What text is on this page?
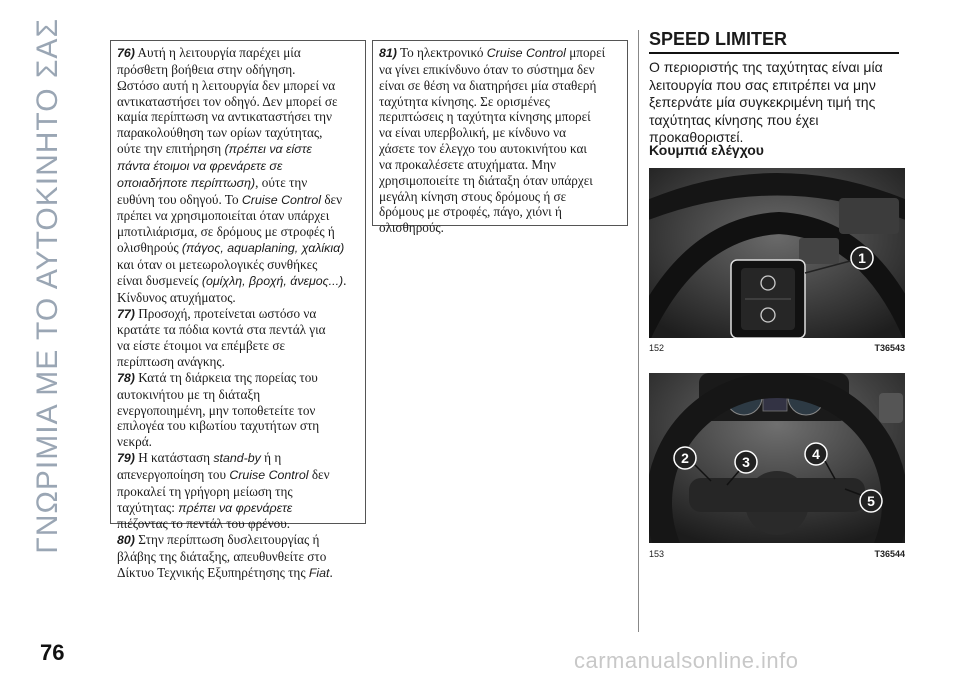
ΓΝΩΡΙΜΙΑ ΜΕ ΤΟ ΑΥΤΟΚΙΝΗΤΟ ΣΑΣ	76) Αυτή η λειτουργία παρέχει μία
πρόσθετη βοήθεια στην οδήγηση.
Ωστόσο αυτή η λειτουργία δεν μπορεί να
αντικαταστήσει τον οδηγό. Δεν μπορεί σε
καμία περίπτωση να αντικαταστήσει την
παρακολούθηση των ορίων ταχύτητας,
ούτε την επιτήρηση (πρέπει να είστε
πάντα έτοιμοι να φρενάρετε σε
οποιαδήποτε περίπτωση), ούτε την
ευθύνη του οδηγού. Το Cruise Control δεν
πρέπει να χρησιμοποιείται όταν υπάρχει
μποτιλιάρισμα, σε δρόμους με στροφές ή
ολισθηρούς (πάγος, aquaplaning, χαλίκια)
και όταν οι μετεωρολογικές συνθήκες
είναι δυσμενείς (ομίχλη, βροχή, άνεμος...).
Κίνδυνος ατυχήματος.
77) Προσοχή, προτείνεται ωστόσο να
κρατάτε τα πόδια κοντά στα πεντάλ για
να είστε έτοιμοι να επέμβετε σε
περίπτωση ανάγκης.
78) Κατά τη διάρκεια της πορείας του
αυτοκινήτου με τη διάταξη
ενεργοποιημένη, μην τοποθετείτε τον
επιλογέα του κιβωτίου ταχυτήτων στη
νεκρά.
79) Η κατάσταση stand-by ή η
απενεργοποίηση του Cruise Control δεν
προκαλεί τη γρήγορη μείωση της
ταχύτητας: πρέπει να φρενάρετε
πιέζοντας το πεντάλ του φρένου.
80) Στην περίπτωση δυσλειτουργίας ή
βλάβης της διάταξης, απευθυνθείτε στο
Δίκτυο Τεχνικής Εξυπηρέτησης της Fiat.
81) Το ηλεκτρονικό Cruise Control μπορεί
να γίνει επικίνδυνο όταν το σύστημα δεν
είναι σε θέση να διατηρήσει μία σταθερή
ταχύτητα κίνησης. Σε ορισμένες
περιπτώσεις η ταχύτητα κίνησης μπορεί
να είναι υπερβολική, με κίνδυνο να
χάσετε τον έλεγχο του αυτοκινήτου και
να προκαλέσετε ατυχήματα. Μην
χρησιμοποιείτε τη διάταξη όταν υπάρχει
μεγάλη κίνηση στους δρόμους ή σε
δρόμους με στροφές, πάγο, χιόνι ή
ολισθηρούς.
SPEED LIMITER
Ο περιοριστής της ταχύτητας είναι μία
λειτουργία που σας επιτρέπει να μην
ξεπερνάτε μία συγκεκριμένη τιμή της
ταχύτητας κίνησης που έχει
προκαθοριστεί.
Κουμπιά ελέγχου
1
152	T36543
2	3	4
5
153	T36544
76	carmanualsonline.info
